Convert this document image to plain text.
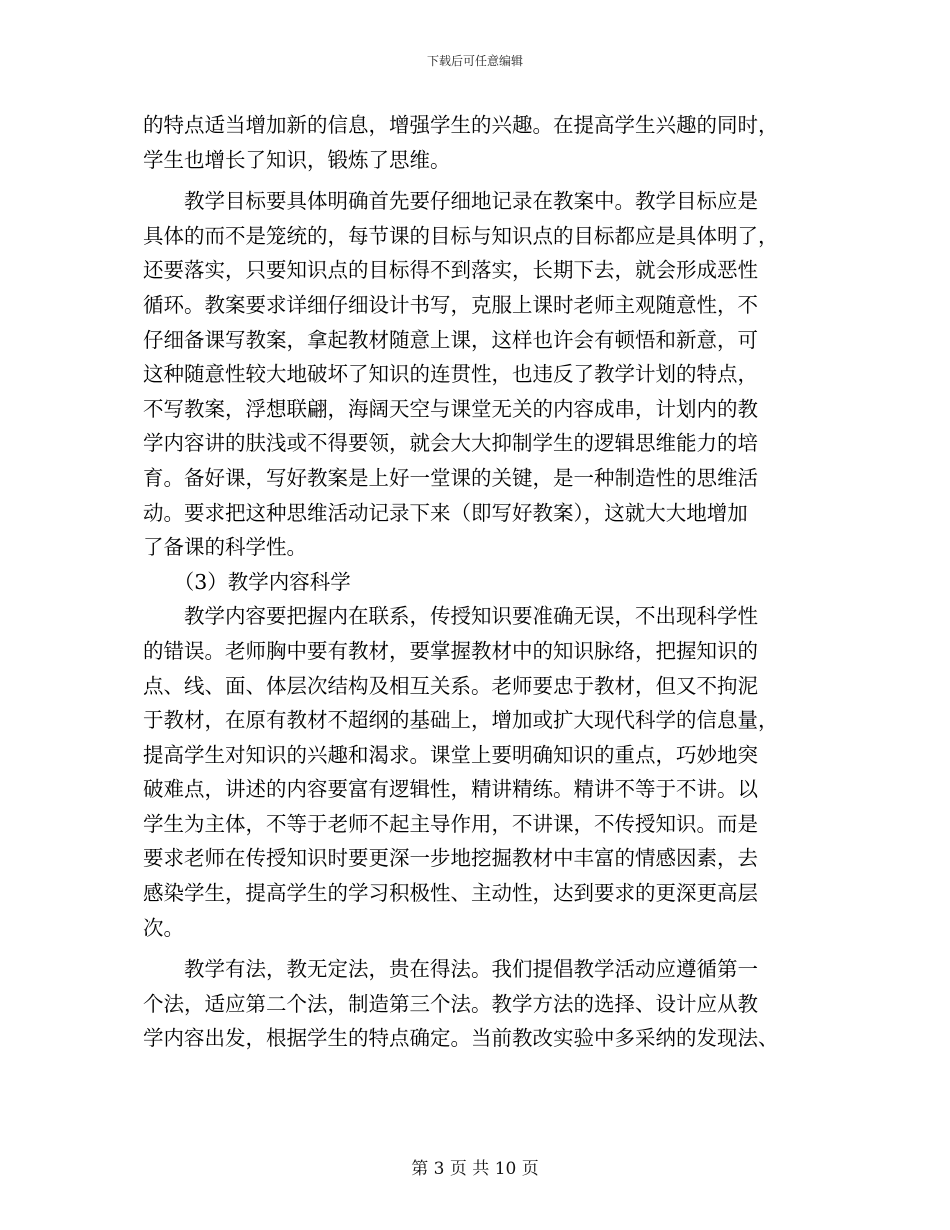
下载后可任意编辑
的特点适当增加新的信息，增强学生的兴趣。在提高学生兴趣的同时，
学生也增长了知识，锻炼了思维。
　　教学目标要具体明确首先要仔细地记录在教案中。教学目标应是
具体的而不是笼统的，每节课的目标与知识点的目标都应是具体明了，
还要落实，只要知识点的目标得不到落实，长期下去，就会形成恶性
循环。教案要求详细仔细设计书写，克服上课时老师主观随意性，不
仔细备课写教案，拿起教材随意上课，这样也许会有顿悟和新意，可
这种随意性较大地破坏了知识的连贯性，也违反了教学计划的特点，
不写教案，浮想联翩，海阔天空与课堂无关的内容成串，计划内的教
学内容讲的肤浅或不得要领，就会大大抑制学生的逻辑思维能力的培
育。备好课，写好教案是上好一堂课的关键，是一种制造性的思维活
动。要求把这种思维活动记录下来（即写好教案），这就大大地增加
了备课的科学性。
　　（3）教学内容科学
　　教学内容要把握内在联系，传授知识要准确无误，不出现科学性
的错误。老师胸中要有教材，要掌握教材中的知识脉络，把握知识的
点、线、面、体层次结构及相互关系。老师要忠于教材，但又不拘泥
于教材，在原有教材不超纲的基础上，增加或扩大现代科学的信息量，
提高学生对知识的兴趣和渴求。课堂上要明确知识的重点，巧妙地突
破难点，讲述的内容要富有逻辑性，精讲精练。精讲不等于不讲。以
学生为主体，不等于老师不起主导作用，不讲课，不传授知识。而是
要求老师在传授知识时要更深一步地挖掘教材中丰富的情感因素，去
感染学生，提高学生的学习积极性、主动性，达到要求的更深更高层
次。
　　教学有法，教无定法，贵在得法。我们提倡教学活动应遵循第一
个法，适应第二个法，制造第三个法。教学方法的选择、设计应从教
学内容出发，根据学生的特点确定。当前教改实验中多采纳的发现法、
第 3 页 共 10 页
